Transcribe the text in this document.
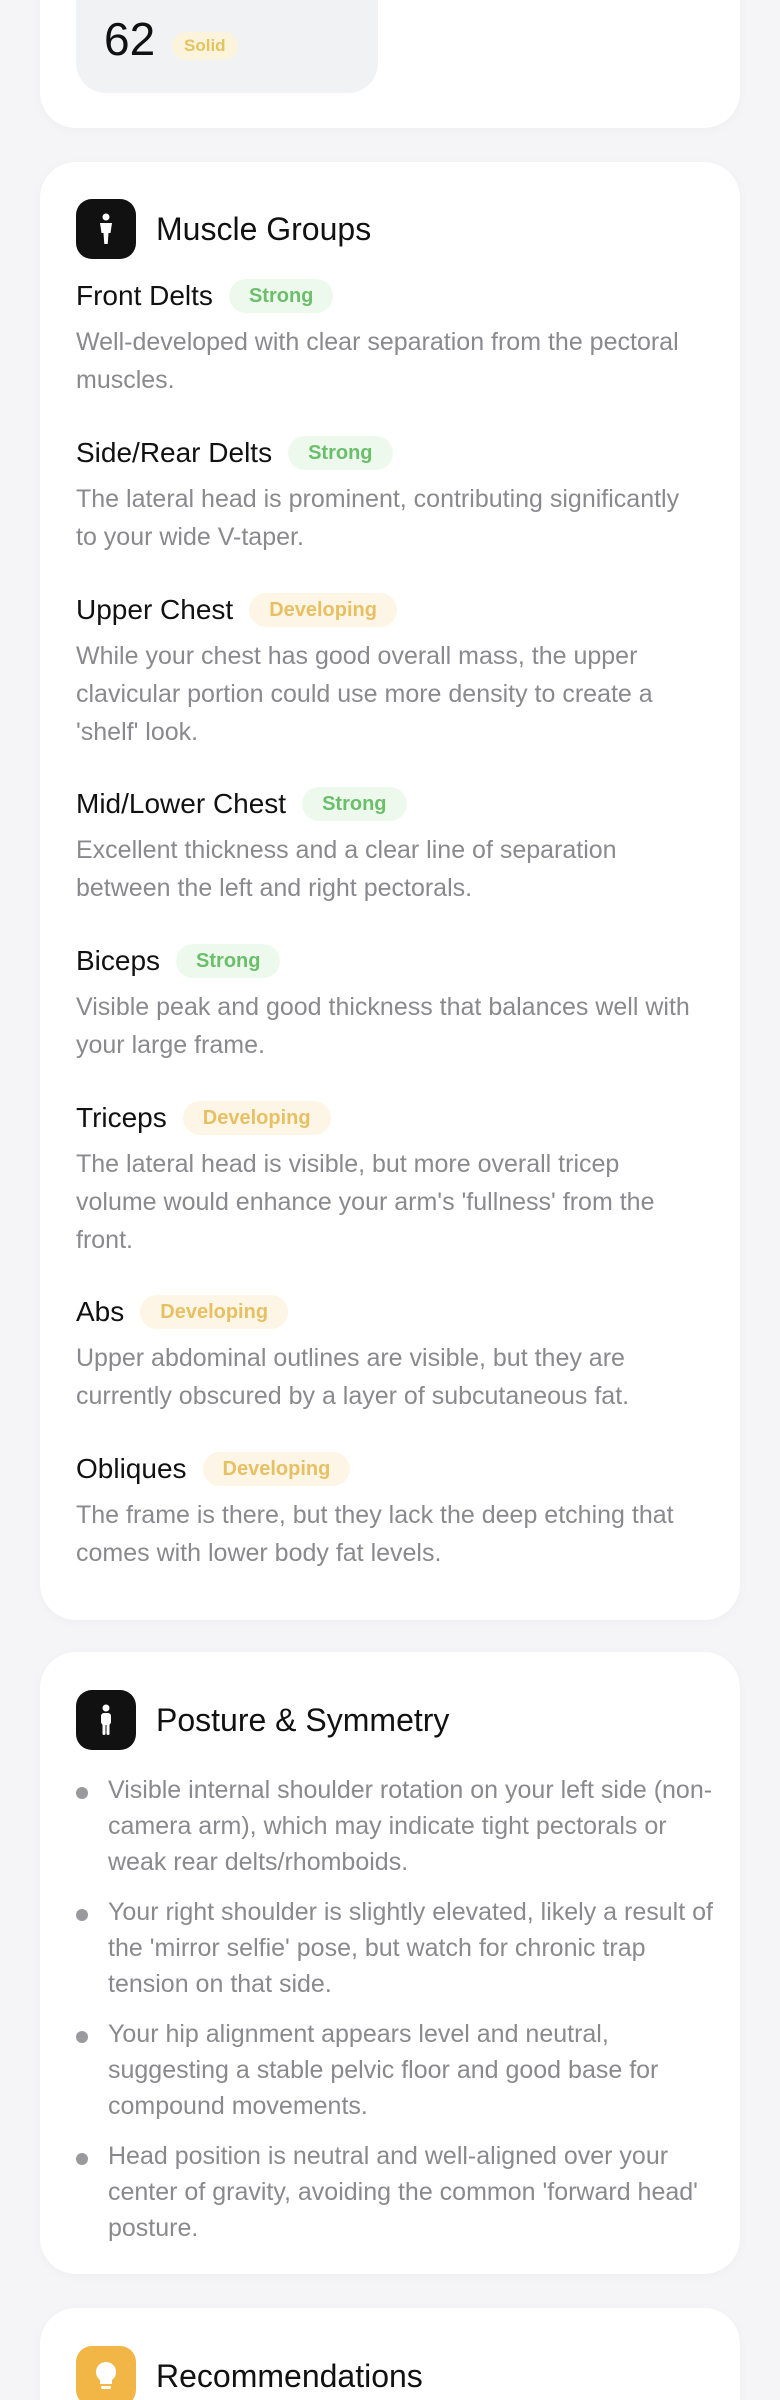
62	Solid
Muscle Groups
Front Delts Strong
Well-developed with clear separation from the pectoral muscles.
Side/Rear Delts Strong
The lateral head is prominent, contributing significantly to your wide V-taper.
Upper Chest Developing
While your chest has good overall mass, the upper clavicular portion could use more density to create a 'shelf' look.
Mid/Lower Chest Strong
Excellent thickness and a clear line of separation between the left and right pectorals.
Biceps Strong
Visible peak and good thickness that balances well with your large frame.
Triceps Developing
The lateral head is visible, but more overall tricep volume would enhance your arm's 'fullness' from the front.
Abs Developing
Upper abdominal outlines are visible, but they are currently obscured by a layer of subcutaneous fat.
Obliques Developing
The frame is there, but they lack the deep etching that comes with lower body fat levels.
Posture & Symmetry
Visible internal shoulder rotation on your left side (non-camera arm), which may indicate tight pectorals or weak rear delts/rhomboids.
Your right shoulder is slightly elevated, likely a result of the 'mirror selfie' pose, but watch for chronic trap tension on that side.
Your hip alignment appears level and neutral, suggesting a stable pelvic floor and good base for compound movements.
Head position is neutral and well-aligned over your center of gravity, avoiding the common 'forward head' posture.
Recommendations
